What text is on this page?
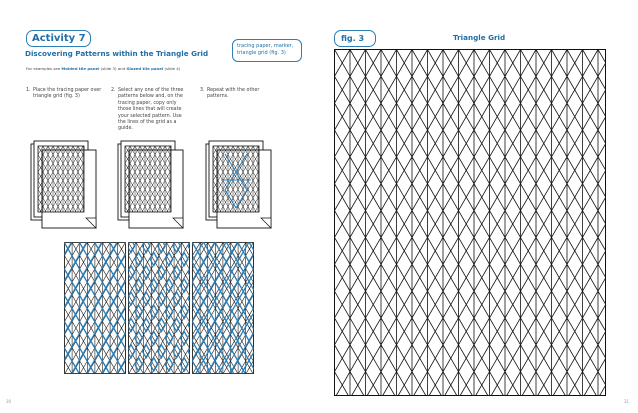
Activity 7
Discovering Patterns within the Triangle Grid
For examples see Molded tile panel (slide 3) and Glazed tile panel (slide 4)
tracing paper, marker,
triangle grid (fig. 3)
1. Place the tracing paper over
triangle grid (fig. 3)
2. Select any one of the three
patterns below and, on the
tracing paper, copy only
those lines that will create
your selected pattern. Use
the lines of the grid as a
guide.
3. Repeat with the other
patterns.
30
fig. 3	Triangle Grid
31
